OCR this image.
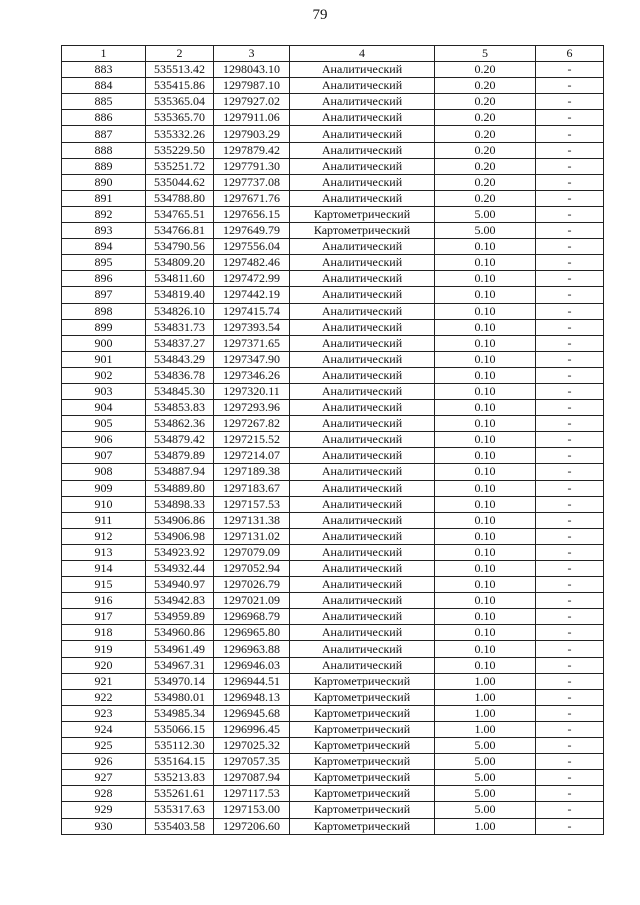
79
1	2	3	4	5	6
883	535513.42	1298043.10	Аналитический	0.20	-
884	535415.86	1297987.10	Аналитический	0.20	-
885	535365.04	1297927.02	Аналитический	0.20	-
886	535365.70	1297911.06	Аналитический	0.20	-
887	535332.26	1297903.29	Аналитический	0.20	-
888	535229.50	1297879.42	Аналитический	0.20	-
889	535251.72	1297791.30	Аналитический	0.20	-
890	535044.62	1297737.08	Аналитический	0.20	-
891	534788.80	1297671.76	Аналитический	0.20	-
892	534765.51	1297656.15	Картометрический	5.00	-
893	534766.81	1297649.79	Картометрический	5.00	-
894	534790.56	1297556.04	Аналитический	0.10	-
895	534809.20	1297482.46	Аналитический	0.10	-
896	534811.60	1297472.99	Аналитический	0.10	-
897	534819.40	1297442.19	Аналитический	0.10	-
898	534826.10	1297415.74	Аналитический	0.10	-
899	534831.73	1297393.54	Аналитический	0.10	-
900	534837.27	1297371.65	Аналитический	0.10	-
901	534843.29	1297347.90	Аналитический	0.10	-
902	534836.78	1297346.26	Аналитический	0.10	-
903	534845.30	1297320.11	Аналитический	0.10	-
904	534853.83	1297293.96	Аналитический	0.10	-
905	534862.36	1297267.82	Аналитический	0.10	-
906	534879.42	1297215.52	Аналитический	0.10	-
907	534879.89	1297214.07	Аналитический	0.10	-
908	534887.94	1297189.38	Аналитический	0.10	-
909	534889.80	1297183.67	Аналитический	0.10	-
910	534898.33	1297157.53	Аналитический	0.10	-
911	534906.86	1297131.38	Аналитический	0.10	-
912	534906.98	1297131.02	Аналитический	0.10	-
913	534923.92	1297079.09	Аналитический	0.10	-
914	534932.44	1297052.94	Аналитический	0.10	-
915	534940.97	1297026.79	Аналитический	0.10	-
916	534942.83	1297021.09	Аналитический	0.10	-
917	534959.89	1296968.79	Аналитический	0.10	-
918	534960.86	1296965.80	Аналитический	0.10	-
919	534961.49	1296963.88	Аналитический	0.10	-
920	534967.31	1296946.03	Аналитический	0.10	-
921	534970.14	1296944.51	Картометрический	1.00	-
922	534980.01	1296948.13	Картометрический	1.00	-
923	534985.34	1296945.68	Картометрический	1.00	-
924	535066.15	1296996.45	Картометрический	1.00	-
925	535112.30	1297025.32	Картометрический	5.00	-
926	535164.15	1297057.35	Картометрический	5.00	-
927	535213.83	1297087.94	Картометрический	5.00	-
928	535261.61	1297117.53	Картометрический	5.00	-
929	535317.63	1297153.00	Картометрический	5.00	-
930	535403.58	1297206.60	Картометрический	1.00	-
